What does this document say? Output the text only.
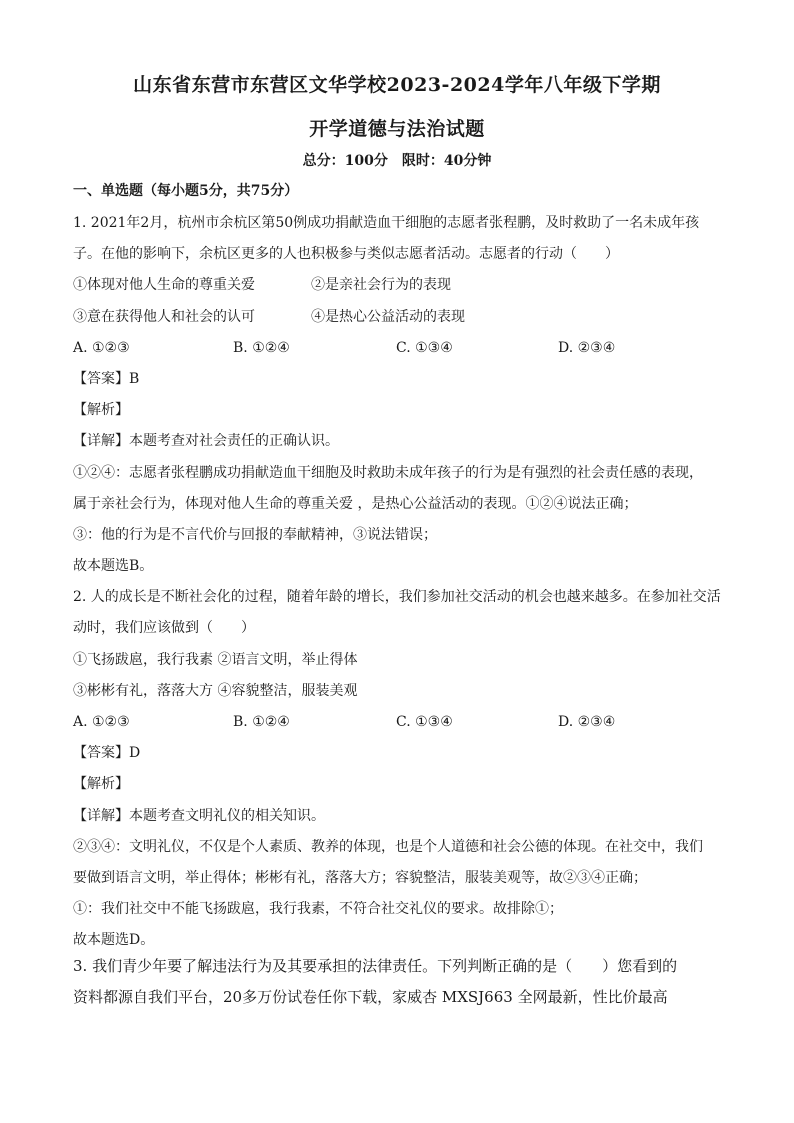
山东省东营市东营区文华学校2023-2024学年八年级下学期
开学道德与法治试题
总分：100分　限时：40分钟
一、单选题（每小题5分，共75分）
1. 2021年2月，杭州市余杭区第50例成功捐献造血干细胞的志愿者张程鹏，及时救助了一名未成年孩
子。在他的影响下，余杭区更多的人也积极参与类似志愿者活动。志愿者的行动（　　）
①体现对他人生命的尊重关爱	②是亲社会行为的表现
③意在获得他人和社会的认可	④是热心公益活动的表现
A. ①②③	B. ①②④	C. ①③④	D. ②③④
【答案】B
【解析】
【详解】本题考查对社会责任的正确认识。
①②④：志愿者张程鹏成功捐献造血干细胞及时救助未成年孩子的行为是有强烈的社会责任感的表现，
属于亲社会行为，体现对他人生命的尊重关爱 ，是热心公益活动的表现。①②④说法正确；
③：他的行为是不言代价与回报的奉献精神，③说法错误；
故本题选B。
2. 人的成长是不断社会化的过程，随着年龄的增长，我们参加社交活动的机会也越来越多。在参加社交活
动时，我们应该做到（　　）
①飞扬跋扈，我行我素 ②语言文明，举止得体
③彬彬有礼，落落大方 ④容貌整洁，服装美观
A. ①②③	B. ①②④	C. ①③④	D. ②③④
【答案】D
【解析】
【详解】本题考查文明礼仪的相关知识。
②③④：文明礼仪，不仅是个人素质、教养的体现，也是个人道德和社会公德的体现。在社交中，我们
要做到语言文明，举止得体；彬彬有礼，落落大方；容貌整洁，服装美观等，故②③④正确；
①：我们社交中不能飞扬跋扈，我行我素，不符合社交礼仪的要求。故排除①；
故本题选D。
3. 我们青少年要了解违法行为及其要承担的法律责任。下列判断正确的是（　　）您看到的
资料都源自我们平台，20多万份试卷任你下载，家威杏 MXSJ663 全网最新，性比价最高
